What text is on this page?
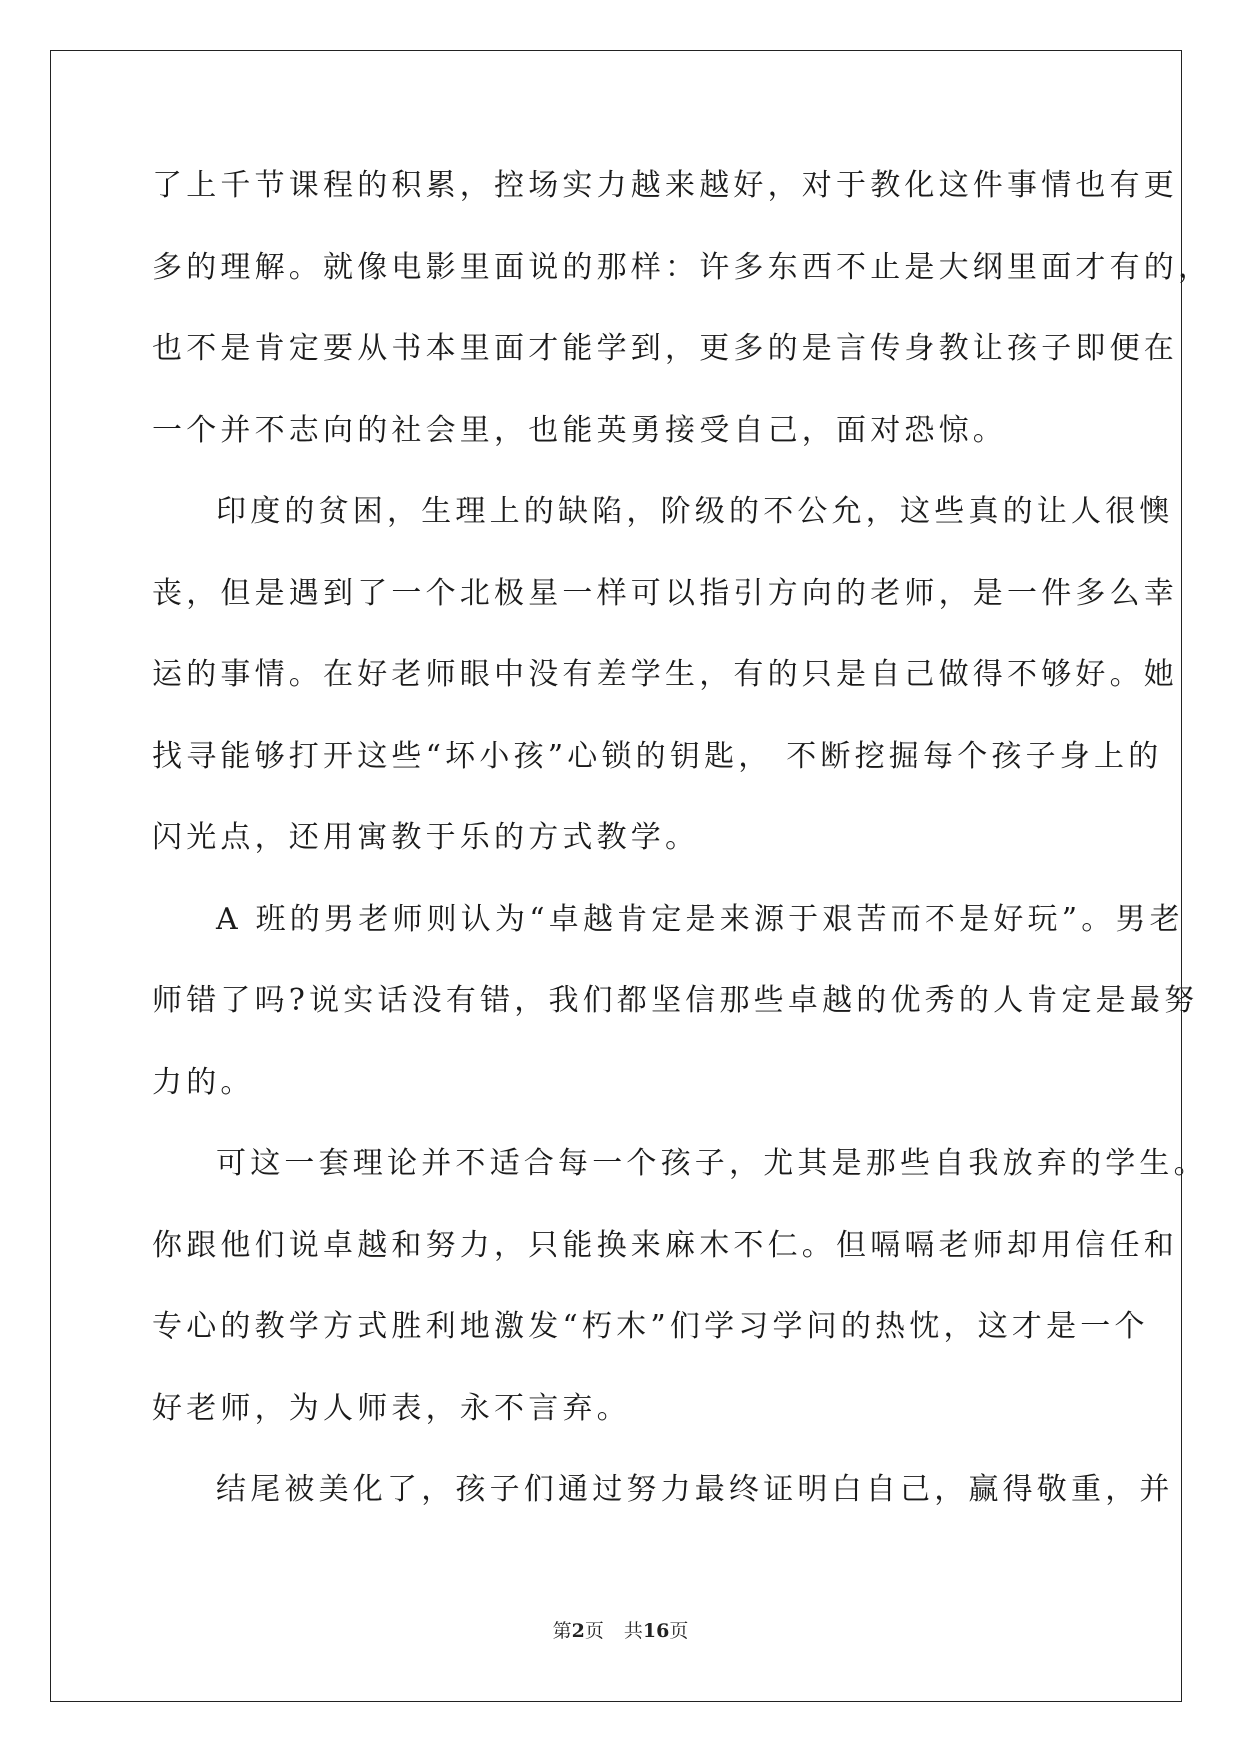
了上千节课程的积累，控场实力越来越好，对于教化这件事情也有更
多的理解。就像电影里面说的那样：许多东西不止是大纲里面才有的，
也不是肯定要从书本里面才能学到，更多的是言传身教让孩子即便在
一个并不志向的社会里，也能英勇接受自己，面对恐惊。
印度的贫困，生理上的缺陷，阶级的不公允，这些真的让人很懊
丧，但是遇到了一个北极星一样可以指引方向的老师，是一件多么幸
运的事情。在好老师眼中没有差学生，有的只是自己做得不够好。她
找寻能够打开这些“坏小孩”心锁的钥匙， 不断挖掘每个孩子身上的
闪光点，还用寓教于乐的方式教学。
A 班的男老师则认为“卓越肯定是来源于艰苦而不是好玩”。男老
师错了吗?说实话没有错，我们都坚信那些卓越的优秀的人肯定是最努
力的。
可这一套理论并不适合每一个孩子，尤其是那些自我放弃的学生。
你跟他们说卓越和努力，只能换来麻木不仁。但嗝嗝老师却用信任和
专心的教学方式胜利地激发“朽木”们学习学问的热忱，这才是一个
好老师，为人师表，永不言弃。
结尾被美化了，孩子们通过努力最终证明白自己，赢得敬重，并
第2页 共16页
